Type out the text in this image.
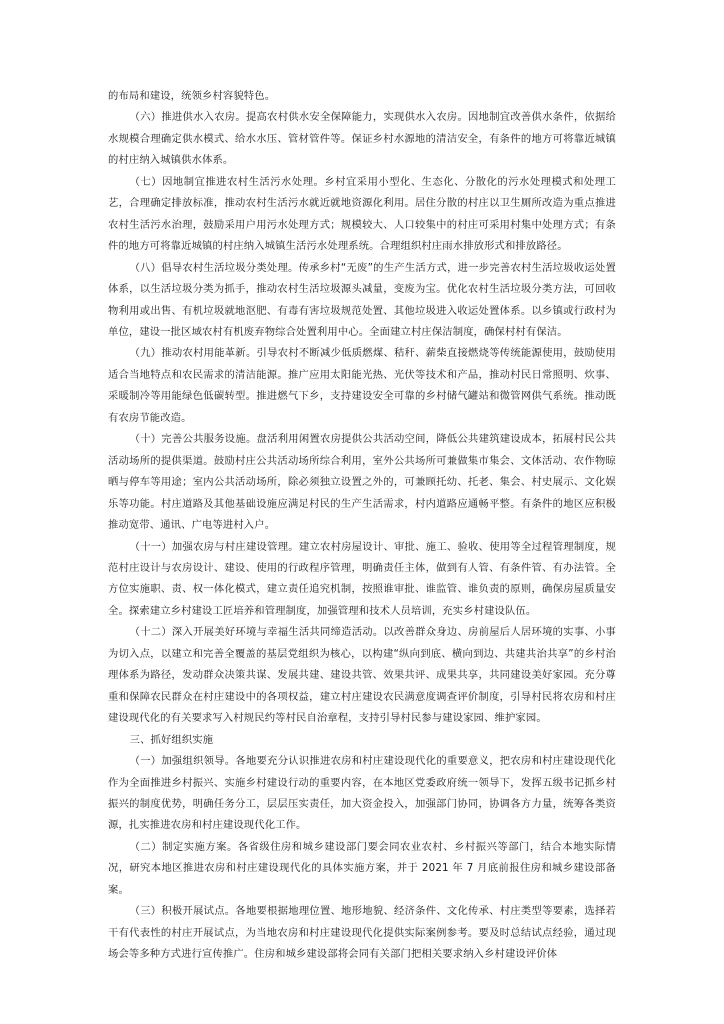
的布局和建设，统领乡村容貌特色。

（六）推进供水入农房。提高农村供水安全保障能力，实现供水入农房。因地制宜改善供水条件，依据给水规模合理确定供水模式、给水水压、管材管件等。保证乡村水源地的清洁安全，有条件的地方可将靠近城镇的村庄纳入城镇供水体系。

（七）因地制宜推进农村生活污水处理。乡村宜采用小型化、生态化、分散化的污水处理模式和处理工艺，合理确定排放标准，推动农村生活污水就近就地资源化利用。居住分散的村庄以卫生厕所改造为重点推进农村生活污水治理，鼓励采用户用污水处理方式；规模较大、人口较集中的村庄可采用村集中处理方式；有条件的地方可将靠近城镇的村庄纳入城镇生活污水处理系统。合理组织村庄雨水排放形式和排放路径。

（八）倡导农村生活垃圾分类处理。传承乡村“无废”的生产生活方式，进一步完善农村生活垃圾收运处置体系，以生活垃圾分类为抓手，推动农村生活垃圾源头减量，变废为宝。优化农村生活垃圾分类方法，可回收物利用或出售、有机垃圾就地沤肥、有毒有害垃圾规范处置、其他垃圾进入收运处置体系。以乡镇或行政村为单位，建设一批区域农村有机废弃物综合处置利用中心。全面建立村庄保洁制度，确保村村有保洁。

（九）推动农村用能革新。引导农村不断减少低质燃煤、秸秆、薪柴直接燃烧等传统能源使用，鼓励使用适合当地特点和农民需求的清洁能源。推广应用太阳能光热、光伏等技术和产品，推动村民日常照明、炊事、采暖制冷等用能绿色低碳转型。推进燃气下乡，支持建设安全可靠的乡村储气罐站和微管网供气系统。推动既有农房节能改造。

（十）完善公共服务设施。盘活利用闲置农房提供公共活动空间，降低公共建筑建设成本，拓展村民公共活动场所的提供渠道。鼓励村庄公共活动场所综合利用，室外公共场所可兼做集市集会、文体活动、农作物晾晒与停车等用途；室内公共活动场所，除必须独立设置之外的，可兼顾托幼、托老、集会、村史展示、文化娱乐等功能。村庄道路及其他基础设施应满足村民的生产生活需求，村内道路应通畅平整。有条件的地区应积极推动宽带、通讯、广电等进村入户。

（十一）加强农房与村庄建设管理。建立农村房屋设计、审批、施工、验收、使用等全过程管理制度，规范村庄设计与农房设计、建设、使用的行政程序管理，明确责任主体，做到有人管、有条件管、有办法管。全方位实施职、责、权一体化模式，建立责任追究机制，按照谁审批、谁监管、谁负责的原则，确保房屋质量安全。探索建立乡村建设工匠培养和管理制度，加强管理和技术人员培训，充实乡村建设队伍。

（十二）深入开展美好环境与幸福生活共同缔造活动。以改善群众身边、房前屋后人居环境的实事、小事为切入点，以建立和完善全覆盖的基层党组织为核心，以构建“纵向到底、横向到边、共建共治共享”的乡村治理体系为路径，发动群众决策共谋、发展共建、建设共管、效果共评、成果共享，共同建设美好家园。充分尊重和保障农民群众在村庄建设中的各项权益，建立村庄建设农民满意度调查评价制度，引导村民将农房和村庄建设现代化的有关要求写入村规民约等村民自治章程，支持引导村民参与建设家园、维护家园。

三、抓好组织实施

（一）加强组织领导。各地要充分认识推进农房和村庄建设现代化的重要意义，把农房和村庄建设现代化作为全面推进乡村振兴、实施乡村建设行动的重要内容，在本地区党委政府统一领导下，发挥五级书记抓乡村振兴的制度优势，明确任务分工，层层压实责任，加大资金投入，加强部门协同，协调各方力量，统筹各类资源，扎实推进农房和村庄建设现代化工作。

（二）制定实施方案。各省级住房和城乡建设部门要会同农业农村、乡村振兴等部门，结合本地实际情况，研究本地区推进农房和村庄建设现代化的具体实施方案，并于 2021 年 7 月底前报住房和城乡建设部备案。

（三）积极开展试点。各地要根据地理位置、地形地貌、经济条件、文化传承、村庄类型等要素，选择若干有代表性的村庄开展试点，为当地农房和村庄建设现代化提供实际案例参考。要及时总结试点经验，通过现场会等多种方式进行宣传推广。住房和城乡建设部将会同有关部门把相关要求纳入乡村建设评价体
